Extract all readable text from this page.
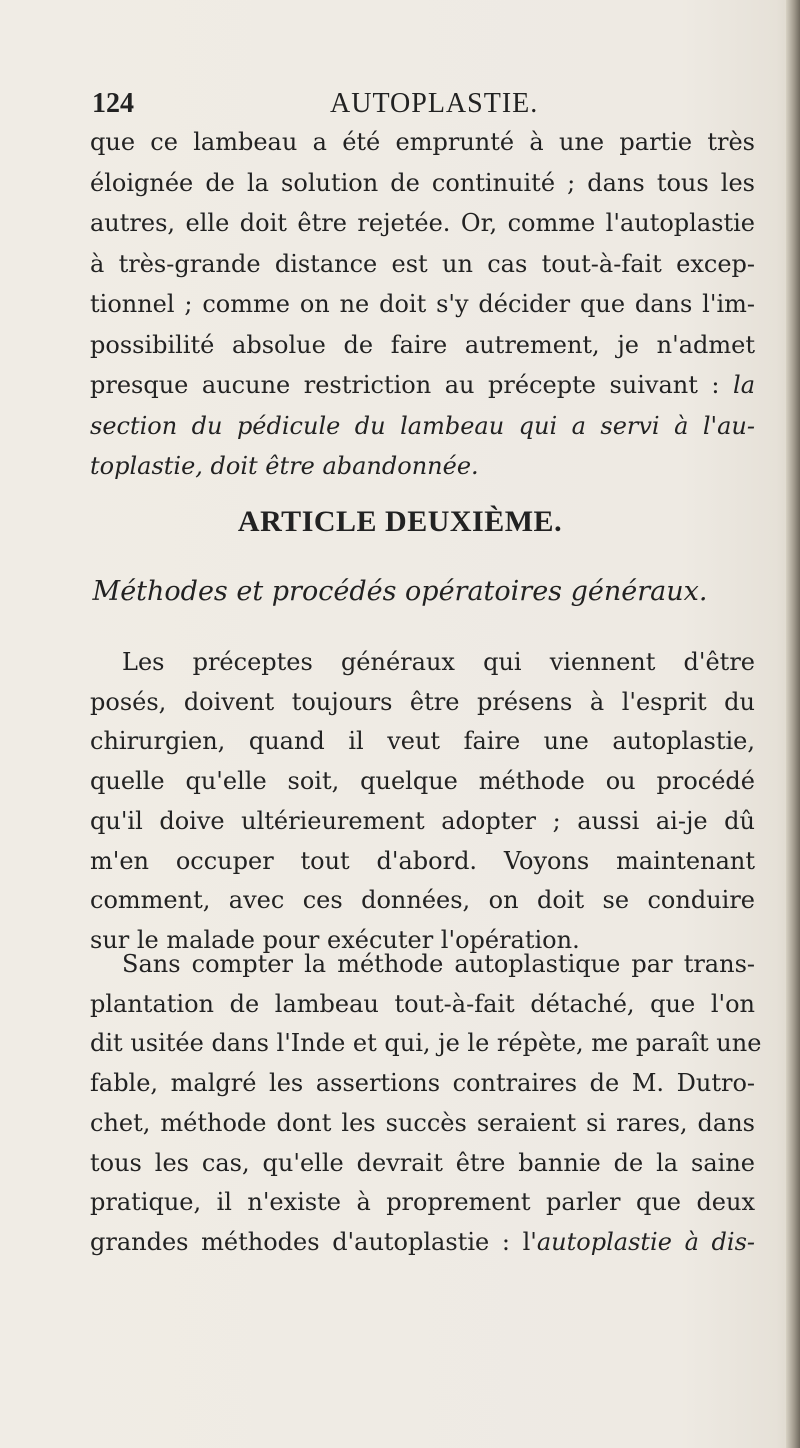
124	AUTOPLASTIE.
que ce lambeau a été emprunté à une partie très
éloignée de la solution de continuité ; dans tous les
autres, elle doit être rejetée. Or, comme l'autoplastie
à très-grande distance est un cas tout-à-fait excep-
tionnel ; comme on ne doit s'y décider que dans l'im-
possibilité absolue de faire autrement, je n'admet
presque aucune restriction au précepte suivant : la
section du pédicule du lambeau qui a servi à l'au-
toplastie, doit être abandonnée.
ARTICLE DEUXIÈME.
Méthodes et procédés opératoires généraux.
Les préceptes généraux qui viennent d'être
posés, doivent toujours être présens à l'esprit du
chirurgien, quand il veut faire une autoplastie,
quelle qu'elle soit, quelque méthode ou procédé
qu'il doive ultérieurement adopter ; aussi ai-je dû
m'en occuper tout d'abord. Voyons maintenant
comment, avec ces données, on doit se conduire
sur le malade pour exécuter l'opération.
Sans compter la méthode autoplastique par trans-
plantation de lambeau tout-à-fait détaché, que l'on
dit usitée dans l'Inde et qui, je le répète, me paraît une
fable, malgré les assertions contraires de M. Dutro-
chet, méthode dont les succès seraient si rares, dans
tous les cas, qu'elle devrait être bannie de la saine
pratique, il n'existe à proprement parler que deux
grandes méthodes d'autoplastie : l'autoplastie à dis-
